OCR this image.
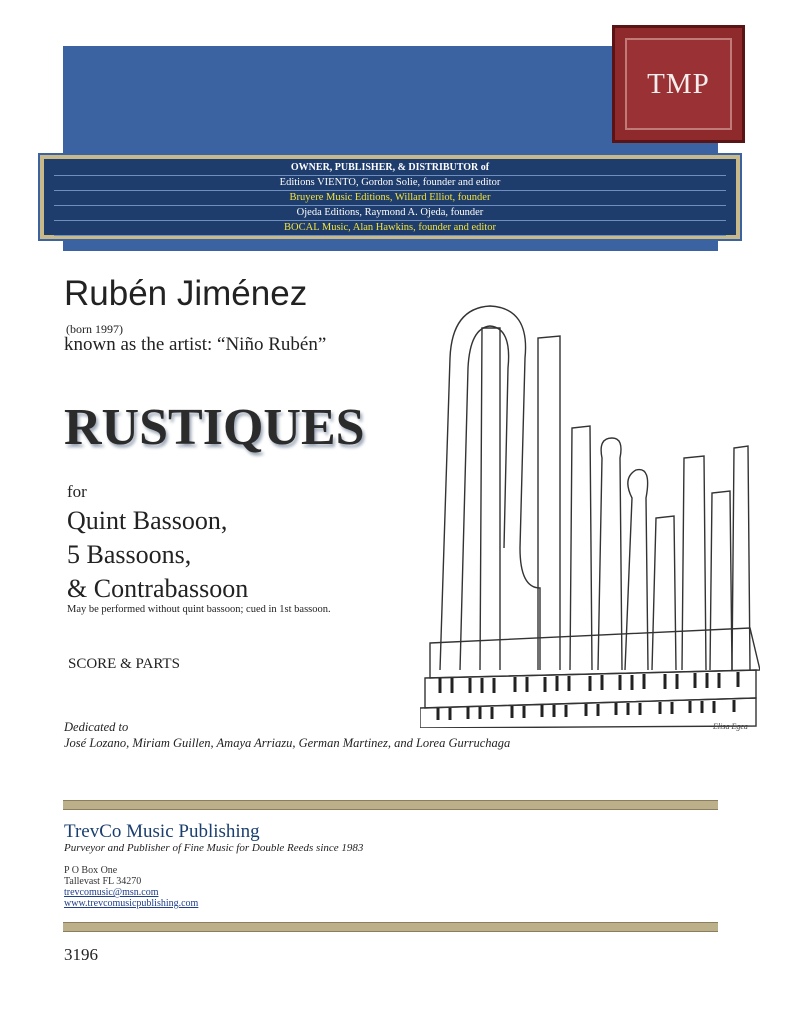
TMP
OWNER, PUBLISHER, & DISTRIBUTOR of
Editions VIENTO, Gordon Solie, founder and editor
Bruyere Music Editions, Willard Elliot, founder
Ojeda Editions, Raymond A. Ojeda, founder
BOCAL Music, Alan Hawkins, founder and editor
Rubén Jiménez
(born 1997)
known as the artist: “Niño Rubén”
RUSTIQUES
for
Quint Bassoon,
5 Bassoons,
& Contrabassoon
May be performed without quint bassoon; cued in 1st bassoon.
SCORE & PARTS
Dedicated to
José Lozano, Miriam Guillen, Amaya Arriazu, German Martinez, and Lorea Gurruchaga
Elisa Egea
TrevCo Music Publishing
Purveyor and Publisher of Fine Music for Double Reeds since 1983
P O Box One
Tallevast FL 34270
trevcomusic@msn.com
www.trevcomusicpublishing.com
3196
